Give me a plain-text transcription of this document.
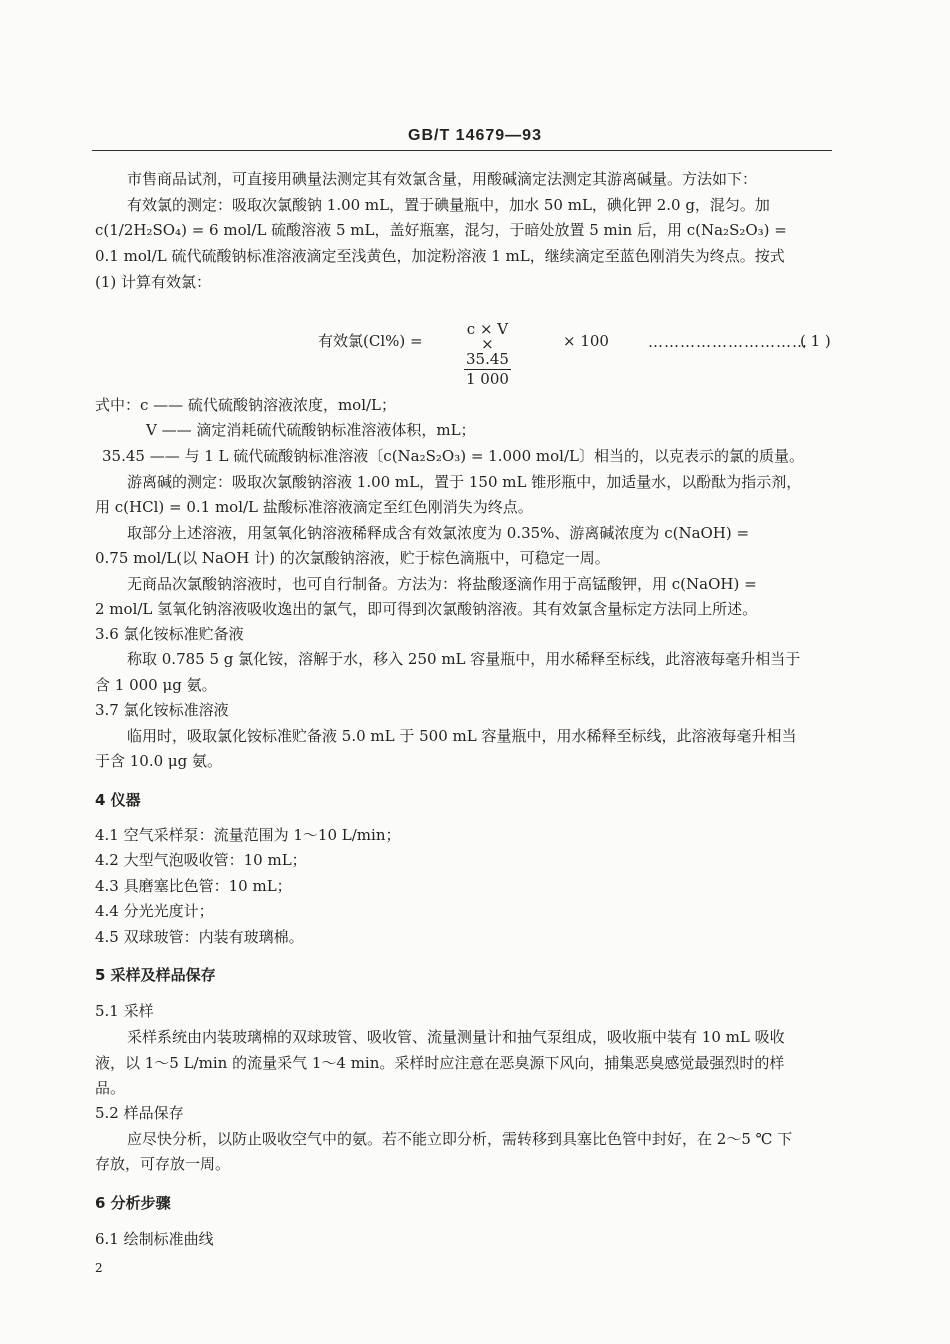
GB/T 14679—93
市售商品试剂，可直接用碘量法测定其有效氯含量，用酸碱滴定法测定其游离碱量。方法如下：
有效氯的测定：吸取次氯酸钠 1.00 mL，置于碘量瓶中，加水 50 mL，碘化钾 2.0 g，混匀。加
c(1/2H₂SO₄) = 6 mol/L 硫酸溶液 5 mL，盖好瓶塞，混匀，于暗处放置 5 min 后，用 c(Na₂S₂O₃) =
0.1 mol/L 硫代硫酸钠标准溶液滴定至浅黄色，加淀粉溶液 1 mL，继续滴定至蓝色刚消失为终点。按式
(1) 计算有效氯：
有效氯(Cl%) =	$\frac{c \times V \times 35.45}{1 000}$	× 100	…………………………
( 1 )
式中：c —— 硫代硫酸钠溶液浓度，mol/L；
V —— 滴定消耗硫代硫酸钠标准溶液体积，mL；
35.45 —— 与 1 L 硫代硫酸钠标准溶液〔c(Na₂S₂O₃) = 1.000 mol/L〕相当的，以克表示的氯的质量。
游离碱的测定：吸取次氯酸钠溶液 1.00 mL，置于 150 mL 锥形瓶中，加适量水，以酚酞为指示剂，
用 c(HCl) = 0.1 mol/L 盐酸标准溶液滴定至红色刚消失为终点。
取部分上述溶液，用氢氧化钠溶液稀释成含有效氯浓度为 0.35%、游离碱浓度为 c(NaOH) =
0.75 mol/L(以 NaOH 计) 的次氯酸钠溶液，贮于棕色滴瓶中，可稳定一周。
无商品次氯酸钠溶液时，也可自行制备。方法为：将盐酸逐滴作用于高锰酸钾，用 c(NaOH) =
2 mol/L 氢氧化钠溶液吸收逸出的氯气，即可得到次氯酸钠溶液。其有效氯含量标定方法同上所述。
3.6 氯化铵标准贮备液
称取 0.785 5 g 氯化铵，溶解于水，移入 250 mL 容量瓶中，用水稀释至标线，此溶液每毫升相当于
含 1 000 μg 氨。
3.7 氯化铵标准溶液
临用时，吸取氯化铵标准贮备液 5.0 mL 于 500 mL 容量瓶中，用水稀释至标线，此溶液每毫升相当
于含 10.0 μg 氨。
4 仪器
4.1 空气采样泵：流量范围为 1～10 L/min；
4.2 大型气泡吸收管：10 mL；
4.3 具磨塞比色管：10 mL；
4.4 分光光度计；
4.5 双球玻管：内装有玻璃棉。
5 采样及样品保存
5.1 采样
采样系统由内装玻璃棉的双球玻管、吸收管、流量测量计和抽气泵组成，吸收瓶中装有 10 mL 吸收
液，以 1～5 L/min 的流量采气 1～4 min。采样时应注意在恶臭源下风向，捕集恶臭感觉最强烈时的样
品。
5.2 样品保存
应尽快分析，以防止吸收空气中的氨。若不能立即分析，需转移到具塞比色管中封好，在 2～5 ℃ 下
存放，可存放一周。
6 分析步骤
6.1 绘制标准曲线
2
